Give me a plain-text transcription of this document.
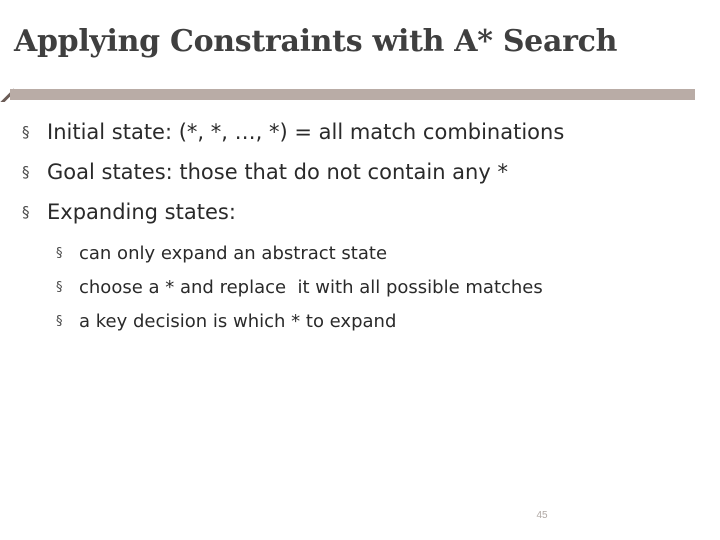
Applying Constraints with A* Search
§ Initial state: (*, *, …, *) = all match combinations
§ Goal states: those that do not contain any *
§ Expanding states:
§ can only expand an abstract state
§ choose a * and replace  it with all possible matches
§ a key decision is which * to expand
45
